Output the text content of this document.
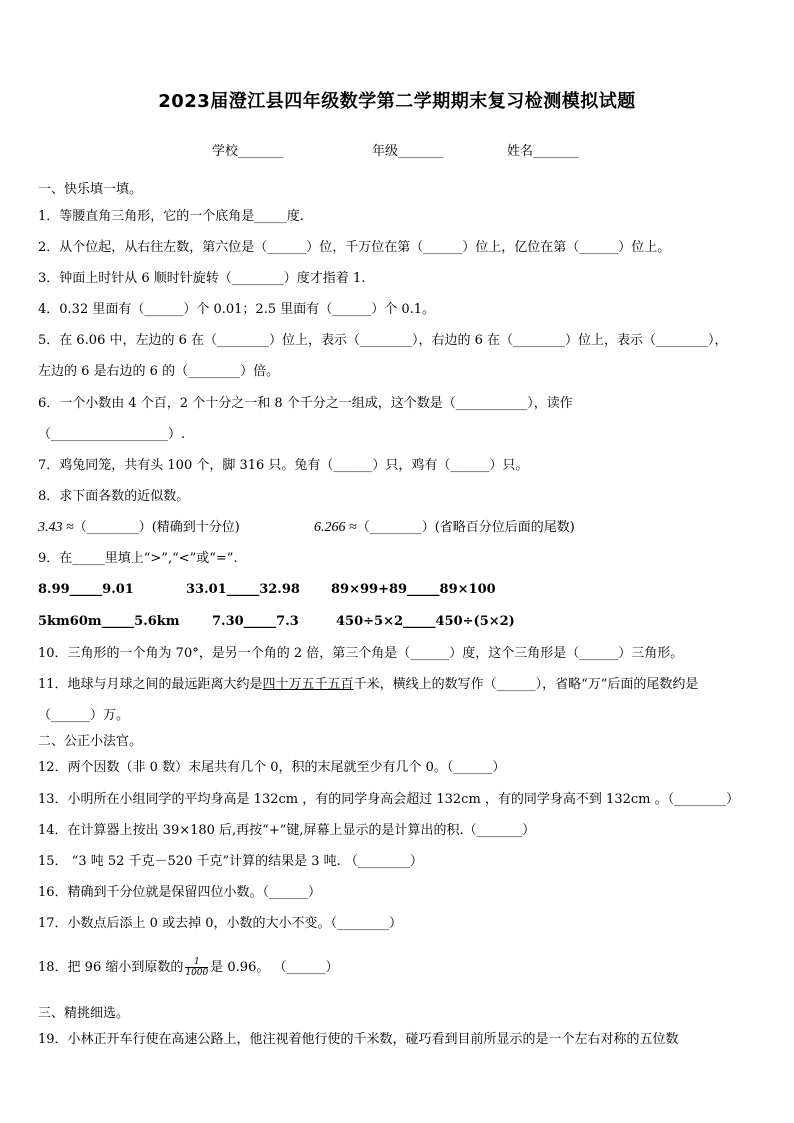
2023届澄江县四年级数学第二学期期末复习检测模拟试题
学校_______	年级_______	姓名_______
一、快乐填一填。
1．等腰直角三角形，它的一个底角是_____度.
2．从个位起，从右往左数，第六位是（______）位，千万位在第（______）位上，亿位在第（______）位上。
3．钟面上时针从 6 顺时针旋转（________）度才指着 1.
4．0.32 里面有（______）个 0.01；2.5 里面有（______）个 0.1。
5．在 6.06 中，左边的 6 在（________）位上，表示（________），右边的 6 在（________）位上，表示（________），
左边的 6 是右边的 6 的（________）倍。
6．一个小数由 4 个百，2 个十分之一和 8 个千分之一组成，这个数是（___________），读作
（__________________）.
7．鸡兔同笼，共有头 100 个，脚 316 只。兔有（______）只，鸡有（______）只。
8．求下面各数的近似数。
3.43 ≈（________）(精确到十分位)	6.266 ≈（________）(省略百分位后面的尾数)
9．在_____里填上“>”,“<”或“=”.
8.99_____9.01	33.01_____32.98 89×99+89_____89×100
5km60m_____5.6km 7.30_____7.3	450÷5×2_____450÷(5×2)
10．三角形的一个角为 70°，是另一个角的 2 倍，第三个角是（______）度，这个三角形是（______）三角形。
11．地球与月球之间的最远距离大约是四十万五千五百千米，横线上的数写作（______），省略“万”后面的尾数约是
（______）万。
二、公正小法官。
12．两个因数（非 0 数）末尾共有几个 0，积的末尾就至少有几个 0。（______）
13．小明所在小组同学的平均身高是 132cm ，有的同学身高会超过 132cm ，有的同学身高不到 132cm 。（________）
14．在计算器上按出 39×180 后,再按“+”键,屏幕上显示的是计算出的积.（_______）
15． “3 吨 52 千克－520 千克”计算的结果是 3 吨. （________）
16．精确到千分位就是保留四位小数。（______）
17．小数点后添上 0 或去掉 0，小数的大小不变。（________）
18．把 96 缩小到原数的 $\frac{1}{1000}$ 是 0.96。 （______）
三、精挑细选。
19．小林正开车行使在高速公路上，他注视着他行使的千米数，碰巧看到目前所显示的是一个左右对称的五位数
